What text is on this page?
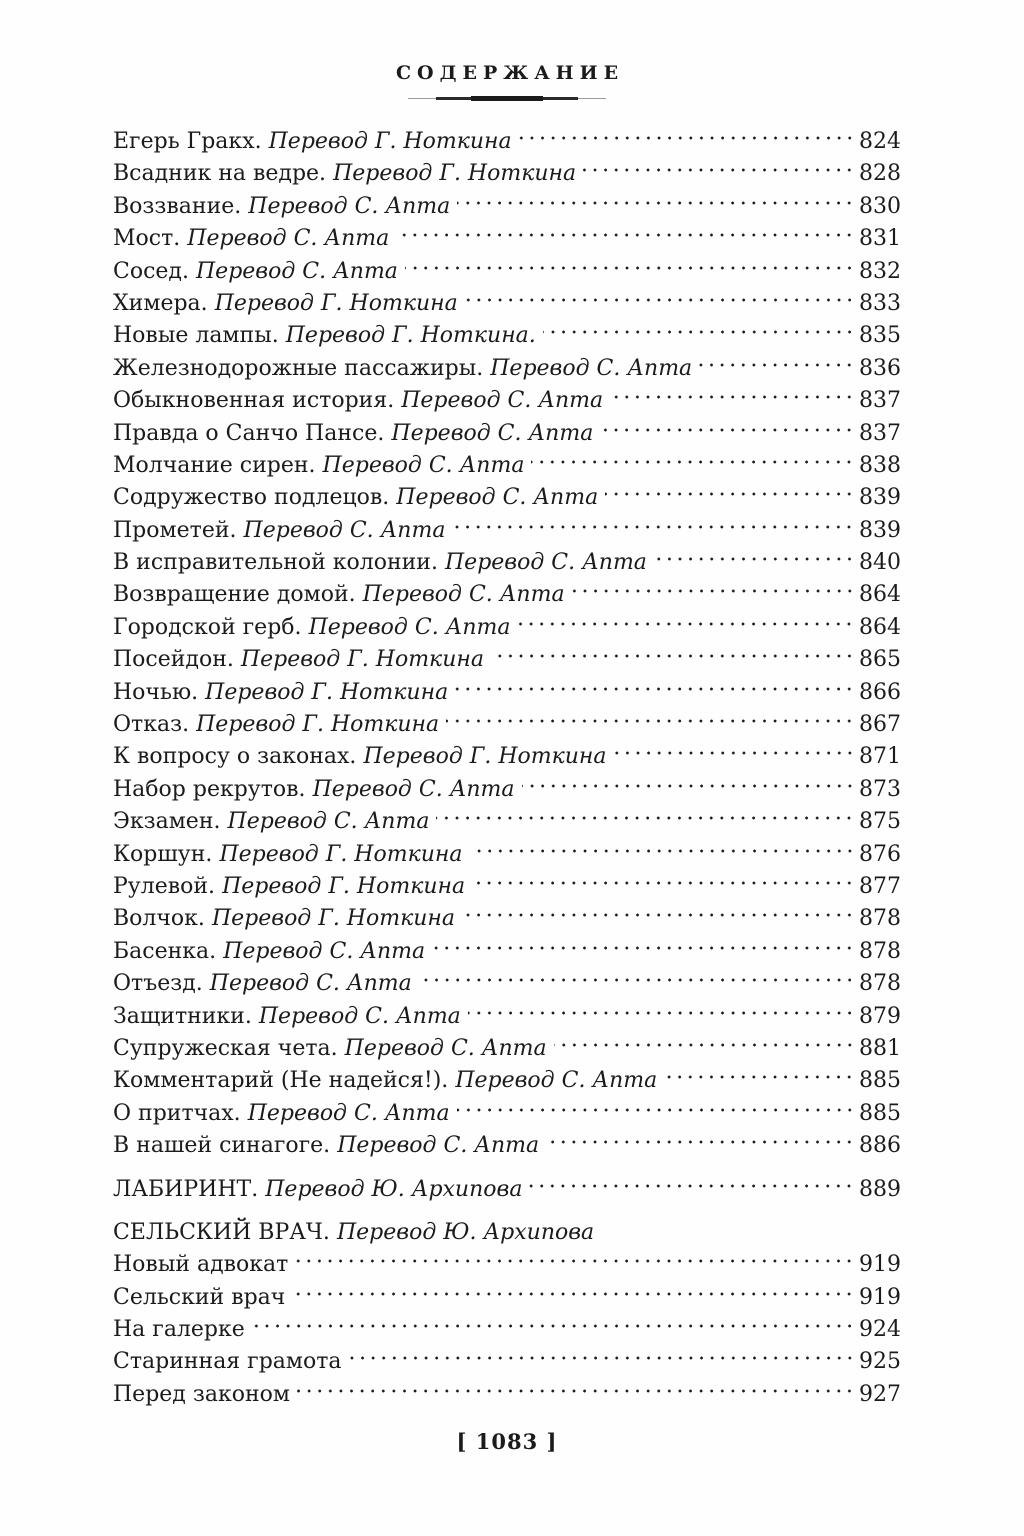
СОДЕРЖАНИЕ
Егерь Гракх. Перевод Г. Ноткина	824
Всадник на ведре. Перевод Г. Ноткина	828
Воззвание. Перевод С. Апта	830
Мост. Перевод С. Апта	831
Сосед. Перевод С. Апта	832
Химера. Перевод Г. Ноткина	833
Новые лампы. Перевод Г. Ноткина.	835
Железнодорожные пассажиры. Перевод С. Апта	836
Обыкновенная история. Перевод С. Апта	837
Правда о Санчо Пансе. Перевод С. Апта	837
Молчание сирен. Перевод С. Апта	838
Содружество подлецов. Перевод С. Апта	839
Прометей. Перевод С. Апта	839
В исправительной колонии. Перевод С. Апта	840
Возвращение домой. Перевод С. Апта	864
Городской герб. Перевод С. Апта	864
Посейдон. Перевод Г. Ноткина	865
Ночью. Перевод Г. Ноткина	866
Отказ. Перевод Г. Ноткина	867
К вопросу о законах. Перевод Г. Ноткина	871
Набор рекрутов. Перевод С. Апта	873
Экзамен. Перевод С. Апта	875
Коршун. Перевод Г. Ноткина	876
Рулевой. Перевод Г. Ноткина	877
Волчок. Перевод Г. Ноткина	878
Басенка. Перевод С. Апта	878
Отъезд. Перевод С. Апта	878
Защитники. Перевод С. Апта	879
Супружеская чета. Перевод С. Апта	881
Комментарий (Не надейся!). Перевод С. Апта	885
О притчах. Перевод С. Апта	885
В нашей синагоге. Перевод С. Апта	886
ЛАБИРИНТ. Перевод Ю. Архипова	889
СЕЛЬСКИЙ ВРАЧ. Перевод Ю. Архипова
Новый адвокат	919
Сельский врач	919
На галерке	924
Старинная грамота	925
Перед законом	927
[ 1083 ]
